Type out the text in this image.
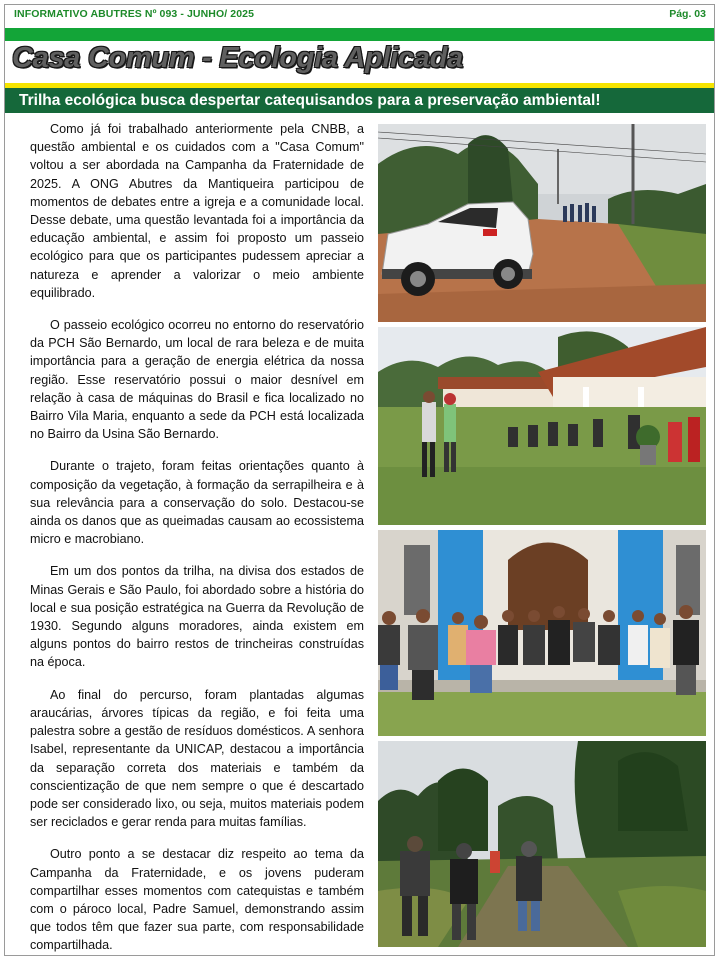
INFORMATIVO ABUTRES Nº 093 - JUNHO/ 2025	Pág. 03
Casa Comum - Ecologia Aplicada
Trilha ecológica busca despertar catequisandos para a preservação ambiental!

Como já foi trabalhado anteriormente pela CNBB, a questão ambiental e os cuidados com a "Casa Comum" voltou a ser abordada na Campanha da Fraternidade de 2025. A ONG Abutres da Mantiqueira participou de momentos de debates entre a igreja e a comunidade local. Desse debate, uma questão levantada foi a importância da educação ambiental, e assim foi proposto um passeio ecológico para que os participantes pudessem apreciar a natureza e aprender a valorizar o meio ambiente equilibrado.

O passeio ecológico ocorreu no entorno do reservatório da PCH São Bernardo, um local de rara beleza e de muita importância para a geração de energia elétrica da nossa região. Esse reservatório possui o maior desnível em relação à casa de máquinas do Brasil e fica localizado no Bairro Vila Maria, enquanto a sede da PCH está localizada no Bairro da Usina São Bernardo.

Durante o trajeto, foram feitas orientações quanto à composição da vegetação, à formação da serrapilheira e à sua relevância para a conservação do solo. Destacou-se ainda os danos que as queimadas causam ao ecossistema micro e macrobiano.

Em um dos pontos da trilha, na divisa dos estados de Minas Gerais e São Paulo, foi abordado sobre a história do local e sua posição estratégica na Guerra da Revolução de 1930. Segundo alguns moradores, ainda existem em alguns pontos do bairro restos de trincheiras construídas na época.

Ao final do percurso, foram plantadas algumas araucárias, árvores típicas da região, e foi feita uma palestra sobre a gestão de resíduos domésticos. A senhora Isabel, representante da UNICAP, destacou a importância da separação correta dos materiais e também da conscientização de que nem sempre o que é descartado pode ser considerado lixo, ou seja, muitos materiais podem ser reciclados e gerar renda para muitas famílias.

Outro ponto a se destacar diz respeito ao tema da Campanha da Fraternidade, e os jovens puderam compartilhar esses momentos com catequistas e também com o pároco local, Padre Samuel, demonstrando assim que todos têm que fazer sua parte, com responsabilidade compartilhada.
